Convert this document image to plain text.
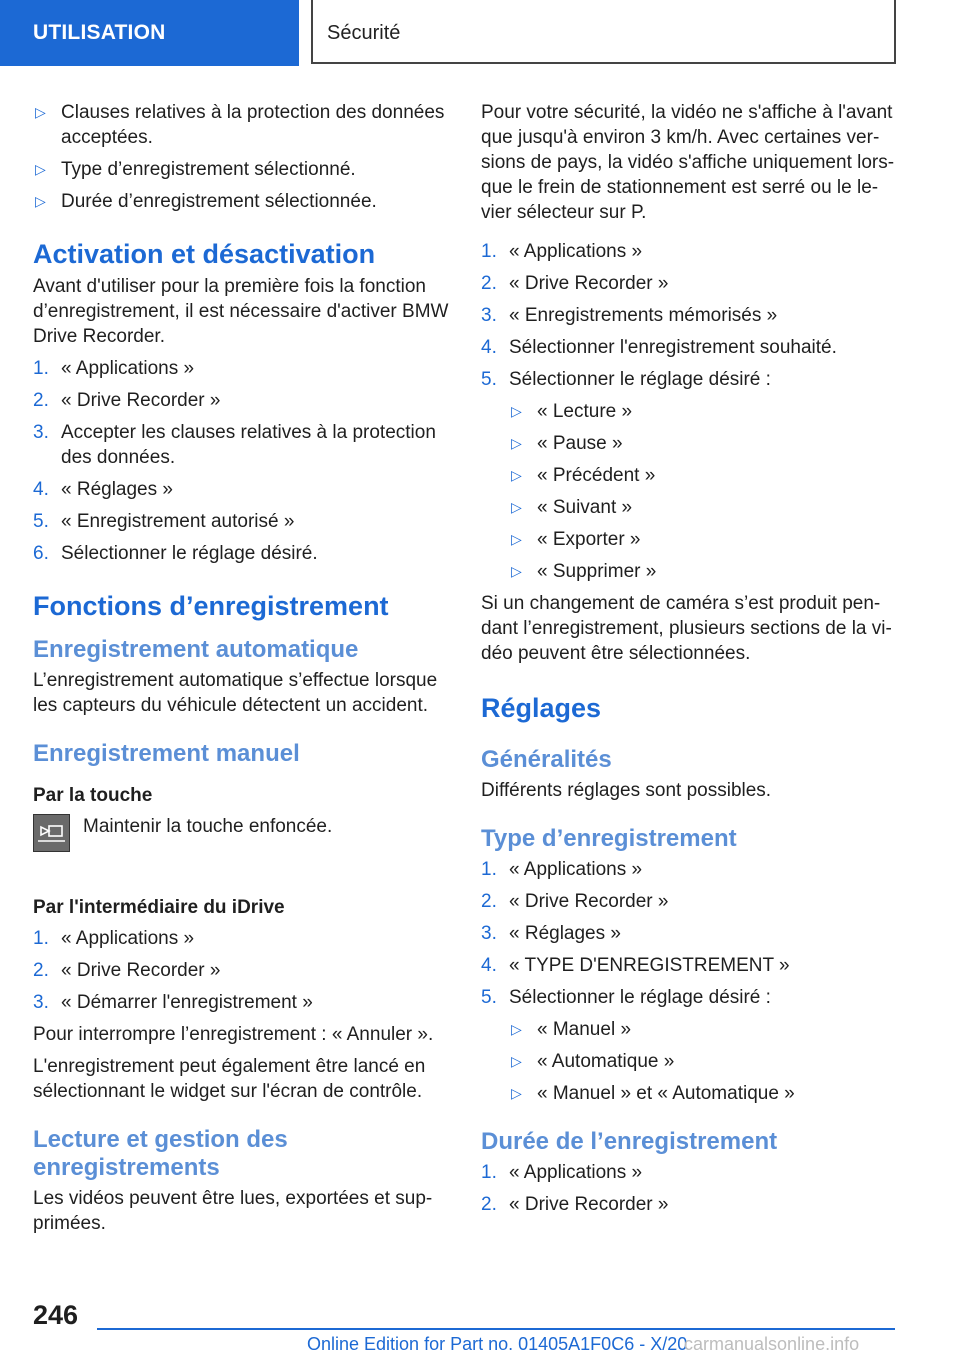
UTILISATION	Sécurité
▷ Clauses relatives à la protection des données acceptées.
▷ Type d’enregistrement sélectionné.
▷ Durée d’enregistrement sélectionnée.
Activation et désactivation

Avant d'utiliser pour la première fois la fonction d’enregistrement, il est nécessaire d'activer BMW Drive Recorder.

1. « Applications »
2. « Drive Recorder »
3. Accepter les clauses relatives à la protection des données.
4. « Réglages »
5. « Enregistrement autorisé »
6. Sélectionner le réglage désiré.
Fonctions d’enregistrement
Enregistrement automatique

L’enregistrement automatique s’effectue lorsque les capteurs du véhicule détectent un accident.

Enregistrement manuel
Par la touche
Maintenir la touche enfoncée.
Par l'intermédiaire du iDrive
1. « Applications »
2. « Drive Recorder »
3. « Démarrer l'enregistrement »

Pour interrompre l’enregistrement : « Annuler ».

L'enregistrement peut également être lancé en sélectionnant le widget sur l'écran de contrôle.

Lecture et gestion des enregistrements

Les vidéos peuvent être lues, exportées et sup-primées.

Pour votre sécurité, la vidéo ne s'affiche à l'avant que jusqu'à environ 3 km/h. Avec certaines ver-sions de pays, la vidéo s'affiche uniquement lors-que le frein de stationnement est serré ou le le-vier sélecteur sur P.

1. « Applications »
2. « Drive Recorder »
3. « Enregistrements mémorisés »
4. Sélectionner l'enregistrement souhaité.
5. Sélectionner le réglage désiré :
▷ « Lecture »
▷ « Pause »
▷ « Précédent »
▷ « Suivant »
▷ « Exporter »
▷ « Supprimer »

Si un changement de caméra s’est produit pen-dant l’enregistrement, plusieurs sections de la vi-déo peuvent être sélectionnées.

Réglages
Généralités

Différents réglages sont possibles.

Type d’enregistrement
1. « Applications »
2. « Drive Recorder »
3. « Réglages »
4. « TYPE D'ENREGISTREMENT »
5. Sélectionner le réglage désiré :
▷ « Manuel »
▷ « Automatique »
▷ « Manuel » et « Automatique »
Durée de l’enregistrement
1. « Applications »
2. « Drive Recorder »
246
Online Edition for Part no. 01405A1F0C6 - X/20
carmanualsonline.info
